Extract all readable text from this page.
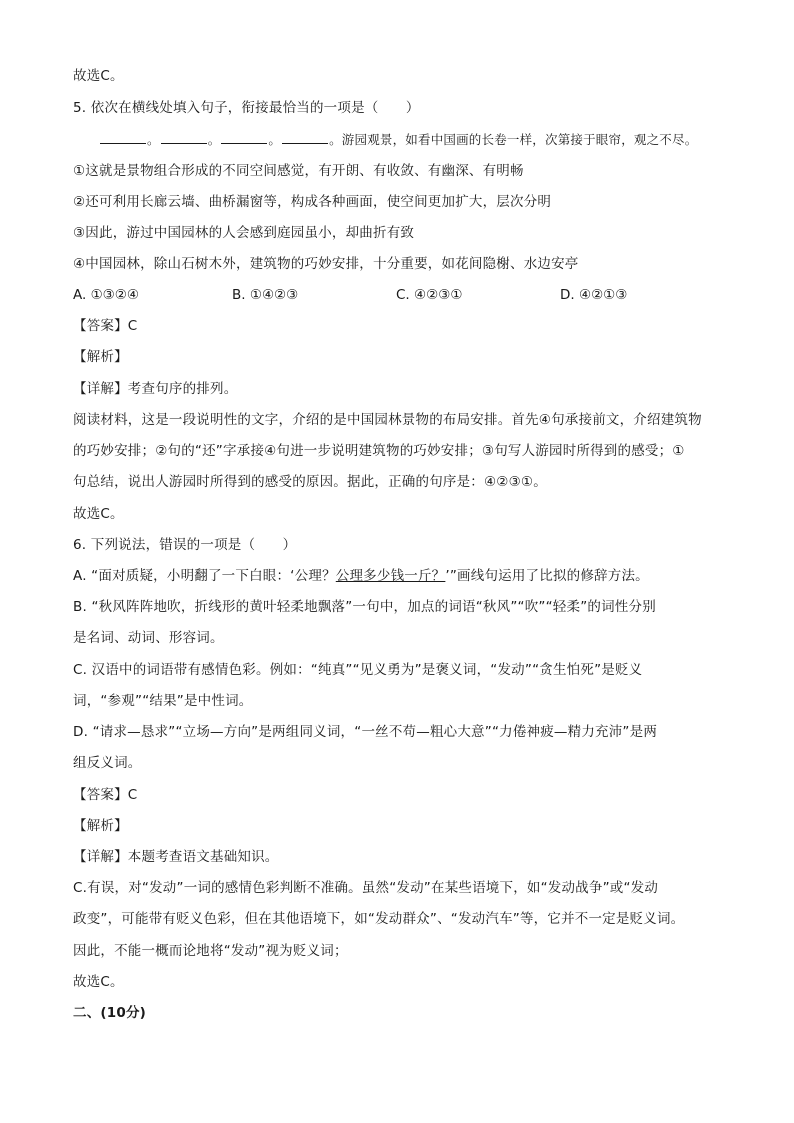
故选C。
5. 依次在横线处填入句子，衔接最恰当的一项是（　　）
。	。	。	。游园观景，如看中国画的长卷一样，次第接于眼帘，观之不尽。
①这就是景物组合形成的不同空间感觉，有开朗、有收敛、有幽深、有明畅
②还可利用长廊云墙、曲桥漏窗等，构成各种画面，使空间更加扩大，层次分明
③因此，游过中国园林的人会感到庭园虽小，却曲折有致
④中国园林，除山石树木外，建筑物的巧妙安排，十分重要，如花间隐榭、水边安亭
A. ①③②④	B. ①④②③	C. ④②③①	D. ④②①③
【答案】C
【解析】
【详解】考查句序的排列。
阅读材料，这是一段说明性的文字，介绍的是中国园林景物的布局安排。首先④句承接前文，介绍建筑物
的巧妙安排；②句的“还”字承接④句进一步说明建筑物的巧妙安排；③句写人游园时所得到的感受；①
句总结，说出人游园时所得到的感受的原因。据此，正确的句序是：④②③①。
故选C。
6. 下列说法，错误的一项是（　　）
A. “面对质疑，小明翻了一下白眼：‘公理？公理多少钱一斤？’”画线句运用了比拟的修辞方法。
B. “秋风阵阵地吹，折线形的黄叶轻柔地飘落”一句中，加点的词语“秋风”“吹”“轻柔”的词性分别
是名词、动词、形容词。
C. 汉语中的词语带有感情色彩。例如：“纯真”“见义勇为”是褒义词，“发动”“贪生怕死”是贬义
词，“参观”“结果”是中性词。
D. “请求—恳求”“立场—方向”是两组同义词，“一丝不苟—粗心大意”“力倦神疲—精力充沛”是两
组反义词。
【答案】C
【解析】
【详解】本题考查语文基础知识。
C.有误，对“发动”一词的感情色彩判断不准确。虽然“发动”在某些语境下，如“发动战争”或“发动
政变”，可能带有贬义色彩，但在其他语境下，如“发动群众”、“发动汽车”等，它并不一定是贬义词。
因此，不能一概而论地将“发动”视为贬义词；
故选C。
二、(10分)
